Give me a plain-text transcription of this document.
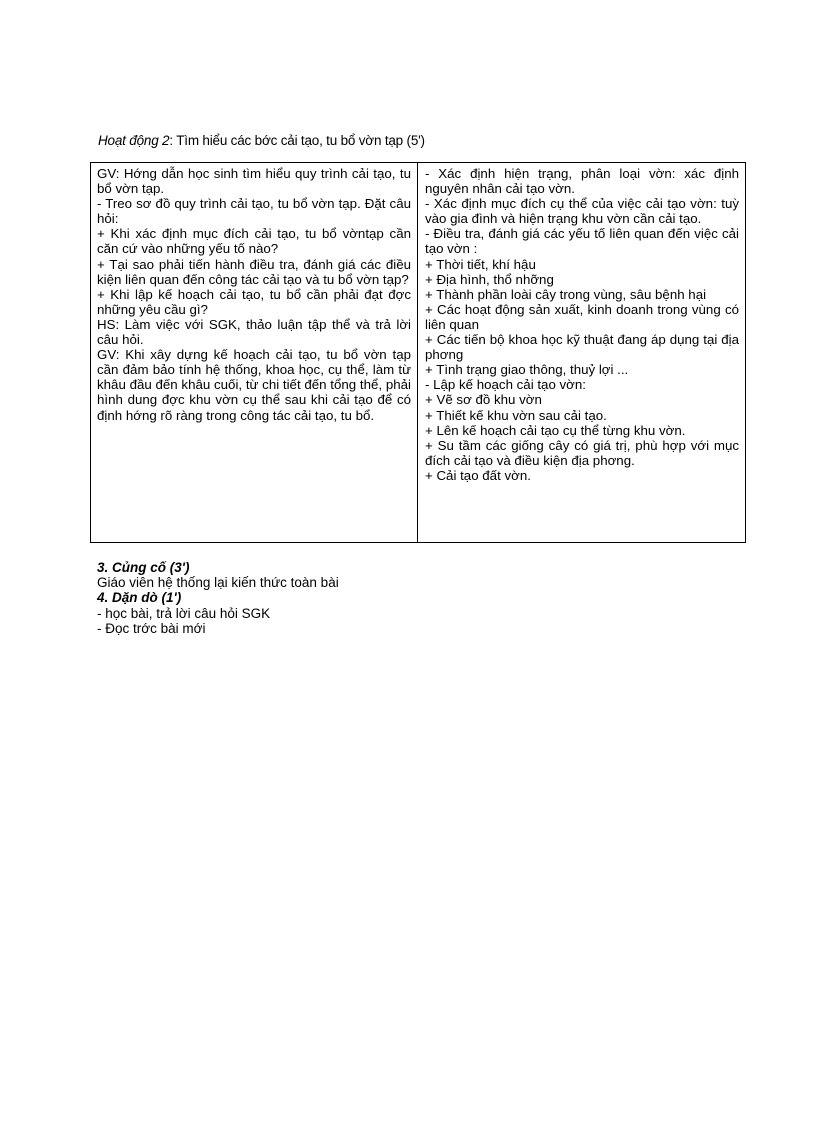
Hoạt động 2: Tìm hiểu các bớc cải tạo, tu bổ vờn tạp (5')
GV: Hớng dẫn học sinh tìm hiểu quy trình cải tạo, tu bổ vờn tạp.
- Treo sơ đồ quy trình cải tạo, tu bổ vờn tạp. Đặt câu hỏi:
+ Khi xác định mục đích cải tạo, tu bổ vờntạp cần căn cứ vào những yếu tố nào?
+ Tại sao phải tiến hành điều tra, đánh giá các điều kiện liên quan đến công tác cải tạo và tu bổ vờn tạp?
+ Khi lập kế hoạch cải tạo, tu bổ cần phải đạt đợc những yêu cầu gì?
HS: Làm việc với SGK, thảo luận tập thể và trả lời câu hỏi.
GV: Khi xây dựng kế hoạch cải tạo, tu bổ vờn tạp cần đảm bảo tính hệ thống, khoa học, cụ thể, làm từ khâu đầu đến khâu cuối, từ chi tiết đến tổng thể, phải hình dung đợc khu vờn cụ thể sau khi cải tạo để có định hớng rõ ràng trong công tác cải tạo, tu bổ.
- Xác định hiện trạng, phân loại vờn: xác định nguyên nhân cải tạo vờn.
- Xác định mục đích cụ thể của việc cải tạo vờn: tuỳ vào gia đình và hiện trạng khu vờn cần cải tạo.
- Điều tra, đánh giá các yếu tố liên quan đến việc cải tạo vờn :
+ Thời tiết, khí hậu
+ Địa hình, thổ nhỡng
+ Thành phần loài cây trong vùng, sâu bệnh hại
+ Các hoạt động sản xuất, kinh doanh trong vùng có liên quan
+ Các tiến bộ khoa học kỹ thuật đang áp dụng tại địa phơng
+ Tình trạng giao thông, thuỷ lợi ...
- Lập kế hoạch cải tạo vờn:
+ Vẽ sơ đồ khu vờn
+ Thiết kế khu vờn sau cải tạo.
+ Lên kế hoạch cải tạo cụ thể từng khu vờn.
+ Su tầm các giống cây có giá trị, phù hợp với mục đích cải tạo và điều kiện địa phơng.
+ Cải tạo đất vờn.
3. Củng cố (3')
Giáo viên hệ thống lại kiến thức toàn bài
4. Dặn dò (1')
- học bài, trả lời câu hỏi SGK
- Đọc trớc bài mới
